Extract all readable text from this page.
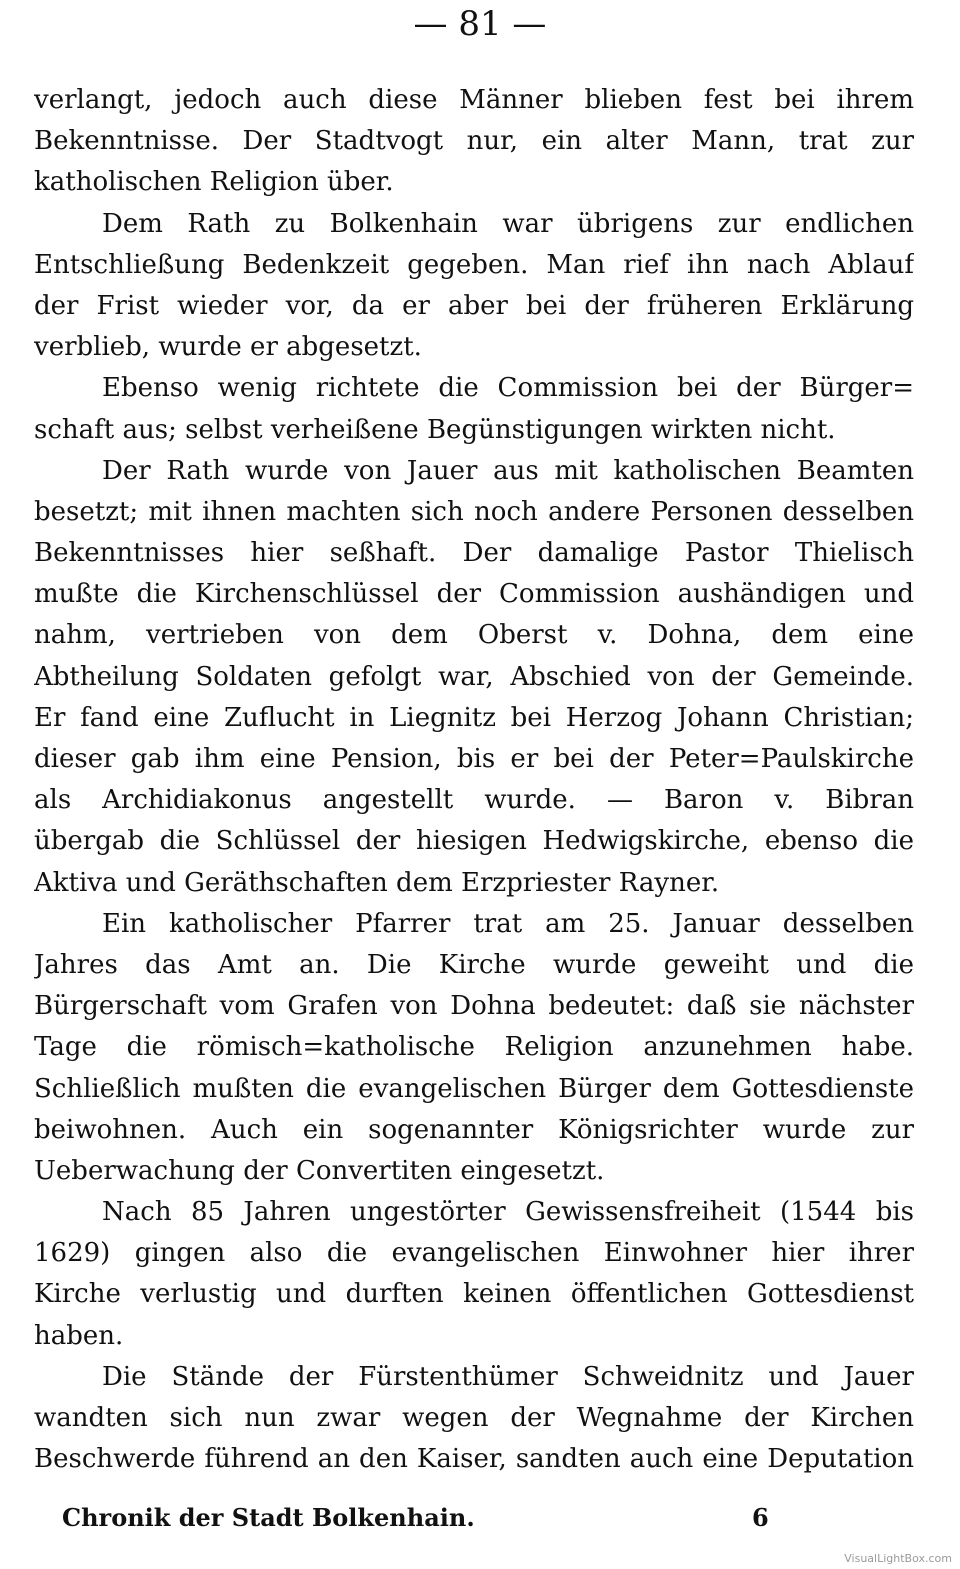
— 81 —
verlangt, jedoch auch diese Männer blieben fest bei ihrem
Bekenntnisse. Der Stadtvogt nur, ein alter Mann, trat zur
katholischen Religion über.
Dem Rath zu Bolkenhain war übrigens zur endlichen
Entschließung Bedenkzeit gegeben. Man rief ihn nach Ablauf
der Frist wieder vor, da er aber bei der früheren Erklärung
verblieb, wurde er abgesetzt.
Ebenso wenig richtete die Commission bei der Bürger=
schaft aus; selbst verheißene Begünstigungen wirkten nicht.
Der Rath wurde von Jauer aus mit katholischen Beamten
besetzt; mit ihnen machten sich noch andere Personen desselben
Bekenntnisses hier seßhaft. Der damalige Pastor Thielisch
mußte die Kirchenschlüssel der Commission aushändigen und
nahm, vertrieben von dem Oberst v. Dohna, dem eine
Abtheilung Soldaten gefolgt war, Abschied von der Gemeinde.
Er fand eine Zuflucht in Liegnitz bei Herzog Johann Christian;
dieser gab ihm eine Pension, bis er bei der Peter=Paulskirche
als Archidiakonus angestellt wurde. — Baron v. Bibran
übergab die Schlüssel der hiesigen Hedwigskirche, ebenso die
Aktiva und Geräthschaften dem Erzpriester Rayner.
Ein katholischer Pfarrer trat am 25. Januar desselben
Jahres das Amt an. Die Kirche wurde geweiht und die
Bürgerschaft vom Grafen von Dohna bedeutet: daß sie nächster
Tage die römisch=katholische Religion anzunehmen habe.
Schließlich mußten die evangelischen Bürger dem Gottesdienste
beiwohnen. Auch ein sogenannter Königsrichter wurde zur
Ueberwachung der Convertiten eingesetzt.
Nach 85 Jahren ungestörter Gewissensfreiheit (1544 bis
1629) gingen also die evangelischen Einwohner hier ihrer
Kirche verlustig und durften keinen öffentlichen Gottesdienst
haben.
Die Stände der Fürstenthümer Schweidnitz und Jauer
wandten sich nun zwar wegen der Wegnahme der Kirchen
Beschwerde führend an den Kaiser, sandten auch eine Deputation
Chronik der Stadt Bolkenhain.	6
VisualLightBox.com
